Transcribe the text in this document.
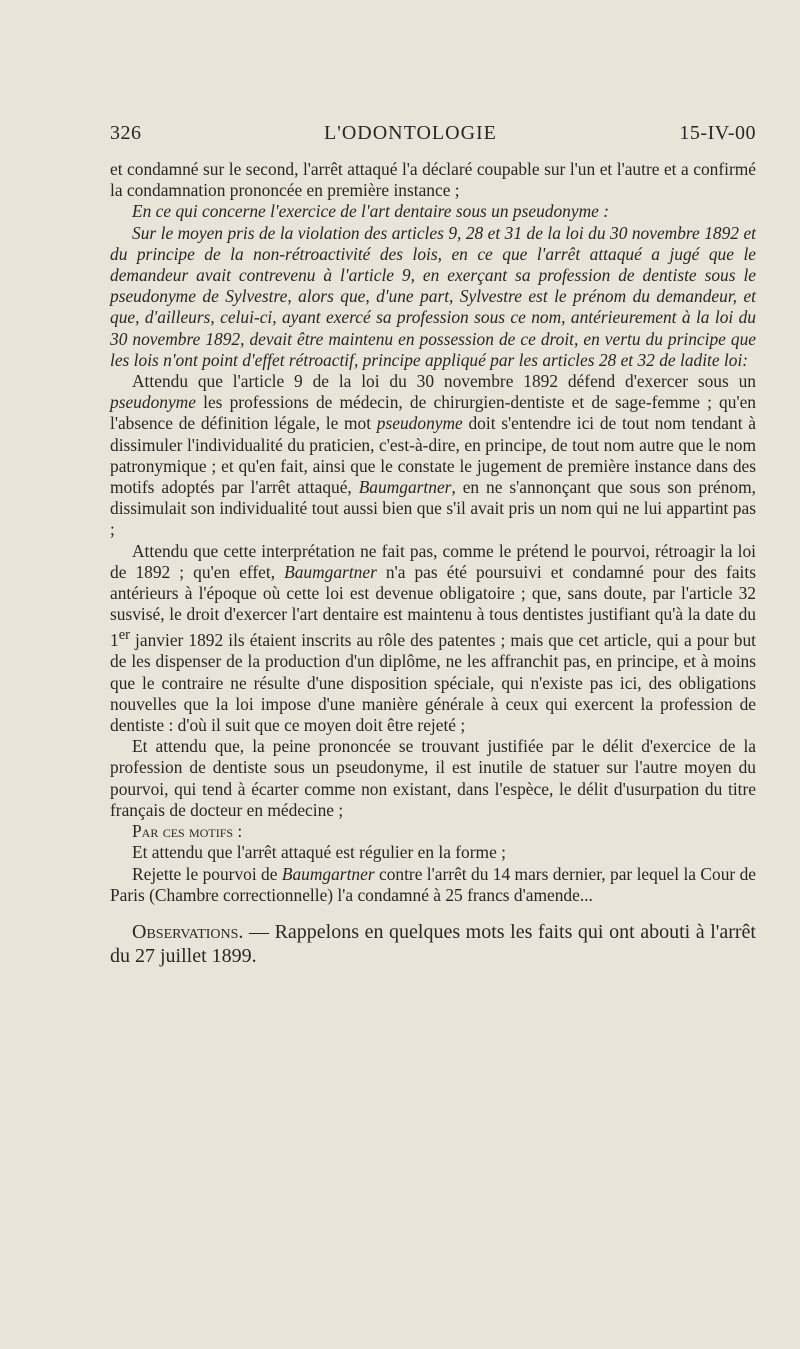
326	L'ODONTOLOGIE	15-IV-00

et condamné sur le second, l'arrêt attaqué l'a déclaré coupable sur l'un et l'autre et a confirmé la condamnation prononcée en première instance ;

En ce qui concerne l'exercice de l'art dentaire sous un pseudonyme :

Sur le moyen pris de la violation des articles 9, 28 et 31 de la loi du 30 novembre 1892 et du principe de la non-rétroactivité des lois, en ce que l'arrêt attaqué a jugé que le demandeur avait contrevenu à l'article 9, en exerçant sa profession de dentiste sous le pseudonyme de Sylvestre, alors que, d'une part, Sylvestre est le prénom du demandeur, et que, d'ailleurs, celui-ci, ayant exercé sa profession sous ce nom, antérieurement à la loi du 30 novembre 1892, devait être maintenu en possession de ce droit, en vertu du principe que les lois n'ont point d'effet rétroactif, principe appliqué par les articles 28 et 32 de ladite loi:

Attendu que l'article 9 de la loi du 30 novembre 1892 défend d'exercer sous un pseudonyme les professions de médecin, de chirurgien-dentiste et de sage-femme ; qu'en l'absence de définition légale, le mot pseudonyme doit s'entendre ici de tout nom tendant à dissimuler l'individualité du praticien, c'est-à-dire, en principe, de tout nom autre que le nom patronymique ; et qu'en fait, ainsi que le constate le jugement de première instance dans des motifs adoptés par l'arrêt attaqué, Baumgartner, en ne s'annonçant que sous son prénom, dissimulait son individualité tout aussi bien que s'il avait pris un nom qui ne lui appartint pas ;

Attendu que cette interprétation ne fait pas, comme le prétend le pourvoi, rétroagir la loi de 1892 ; qu'en effet, Baumgartner n'a pas été poursuivi et condamné pour des faits antérieurs à l'époque où cette loi est devenue obligatoire ; que, sans doute, par l'article 32 susvisé, le droit d'exercer l'art dentaire est maintenu à tous dentistes justifiant qu'à la date du 1er janvier 1892 ils étaient inscrits au rôle des patentes ; mais que cet article, qui a pour but de les dispenser de la production d'un diplôme, ne les affranchit pas, en principe, et à moins que le contraire ne résulte d'une disposition spéciale, qui n'existe pas ici, des obligations nouvelles que la loi impose d'une manière générale à ceux qui exercent la profession de dentiste : d'où il suit que ce moyen doit être rejeté ;

Et attendu que, la peine prononcée se trouvant justifiée par le délit d'exercice de la profession de dentiste sous un pseudonyme, il est inutile de statuer sur l'autre moyen du pourvoi, qui tend à écarter comme non existant, dans l'espèce, le délit d'usurpation du titre français de docteur en médecine ;

Par ces motifs :

Et attendu que l'arrêt attaqué est régulier en la forme ;

Rejette le pourvoi de Baumgartner contre l'arrêt du 14 mars dernier, par lequel la Cour de Paris (Chambre correctionnelle) l'a condamné à 25 francs d'amende...

Observations. — Rappelons en quelques mots les faits qui ont abouti à l'arrêt du 27 juillet 1899.
